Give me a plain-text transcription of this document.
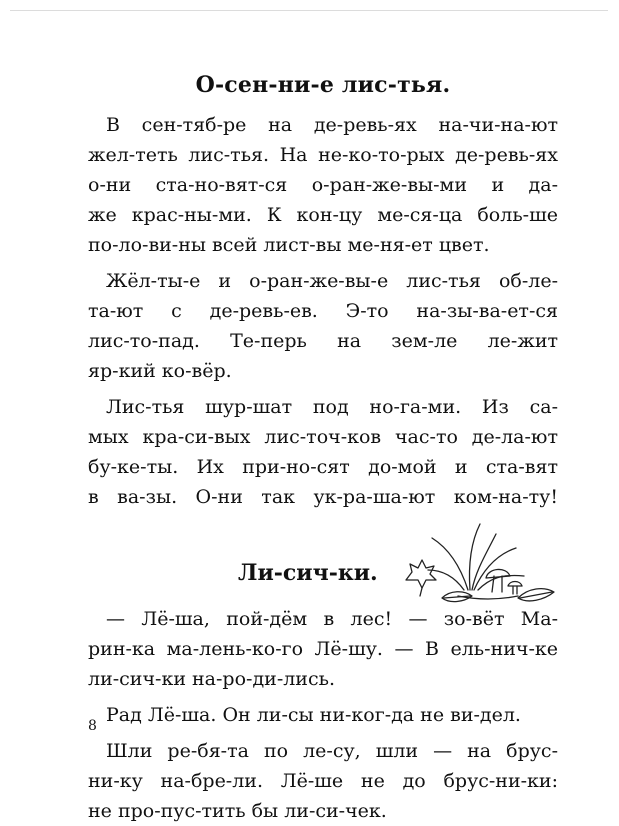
О-сен-ни-е лис-тья.

В сен-тяб-ре на де-ревь-ях на-чи-на-ют

жел-теть лис-тья. На не-ко-то-рых де-ревь-ях

о-ни ста-но-вят-ся о-ран-же-вы-ми и да-

же крас-ны-ми. К кон-цу ме-ся-ца боль-ше

по-ло-ви-ны всей лист-вы ме-ня-ет цвет.

Жёл-ты-е и о-ран-же-вы-е лис-тья об-ле-

та-ют с де-ревь-ев. Э-то на-зы-ва-ет-ся

лис-то-пад. Те-перь на зем-ле ле-жит

яр-кий ко-вёр.

Лис-тья шур-шат под но-га-ми. Из са-

мых кра-си-вых лис-точ-ков час-то де-ла-ют

бу-ке-ты. Их при-но-сят до-мой и ста-вят

в ва-зы. О-ни так ук-ра-ша-ют ком-на-ту!

Ли-сич-ки.

— Лё-ша, пой-дём в лес! — зо-вёт Ма-

рин-ка ма-лень-ко-го Лё-шу. — В ель-нич-ке

ли-сич-ки на-ро-ди-лись.

Рад Лё-ша. Он ли-сы ни-ког-да не ви-дел.

Шли ре-бя-та по ле-су, шли — на брус-

ни-ку на-бре-ли. Лё-ше не до брус-ни-ки:

не про-пус-тить бы ли-си-чек.

8
